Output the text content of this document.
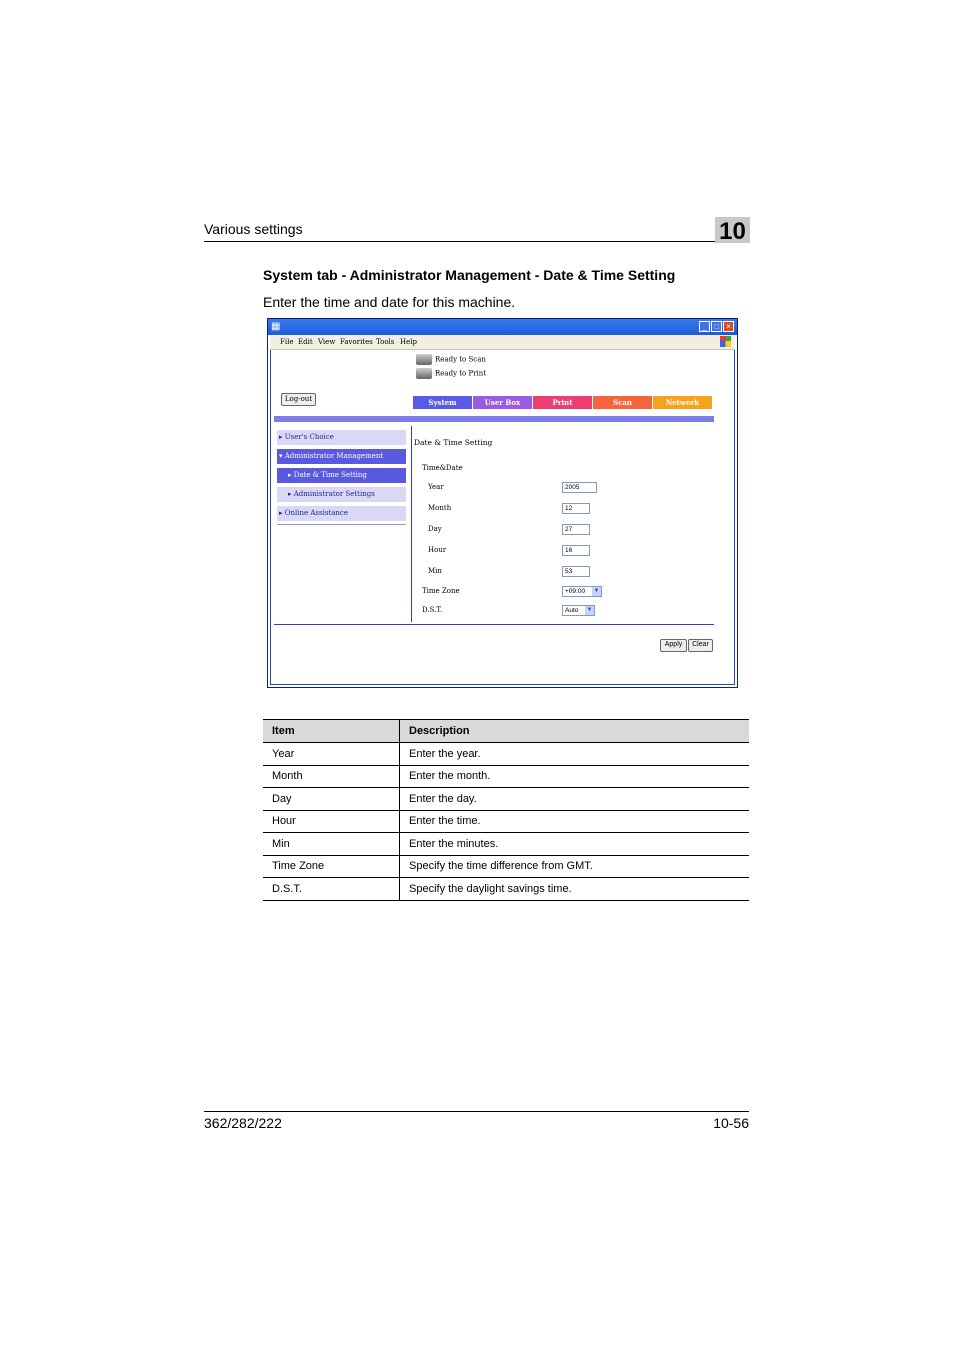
Various settings	10
System tab - Administrator Management - Date & Time Setting
Enter the time and date for this machine.
▦	_ □ ×
File Edit View Favorites Tools Help
Ready to Scan
Ready to Print
Log-out	System	User Box	Print	Scan	Network
▸ User's Choice
▾ Administrator Management
▸ Date & Time Setting
▸ Administrator Settings
▸ Online Assistance
Date & Time Setting
Time&Date
Year	2005
Month	12
Day	27
Hour	16
Min	53
Time Zone	+09:00 ▼
D.S.T.	Auto ▼
Apply	Clear
Item	Description
Year	Enter the year.
Month	Enter the month.
Day	Enter the day.
Hour	Enter the time.
Min	Enter the minutes.
Time Zone	Specify the time difference from GMT.
D.S.T.	Specify the daylight savings time.
362/282/222	10-56
